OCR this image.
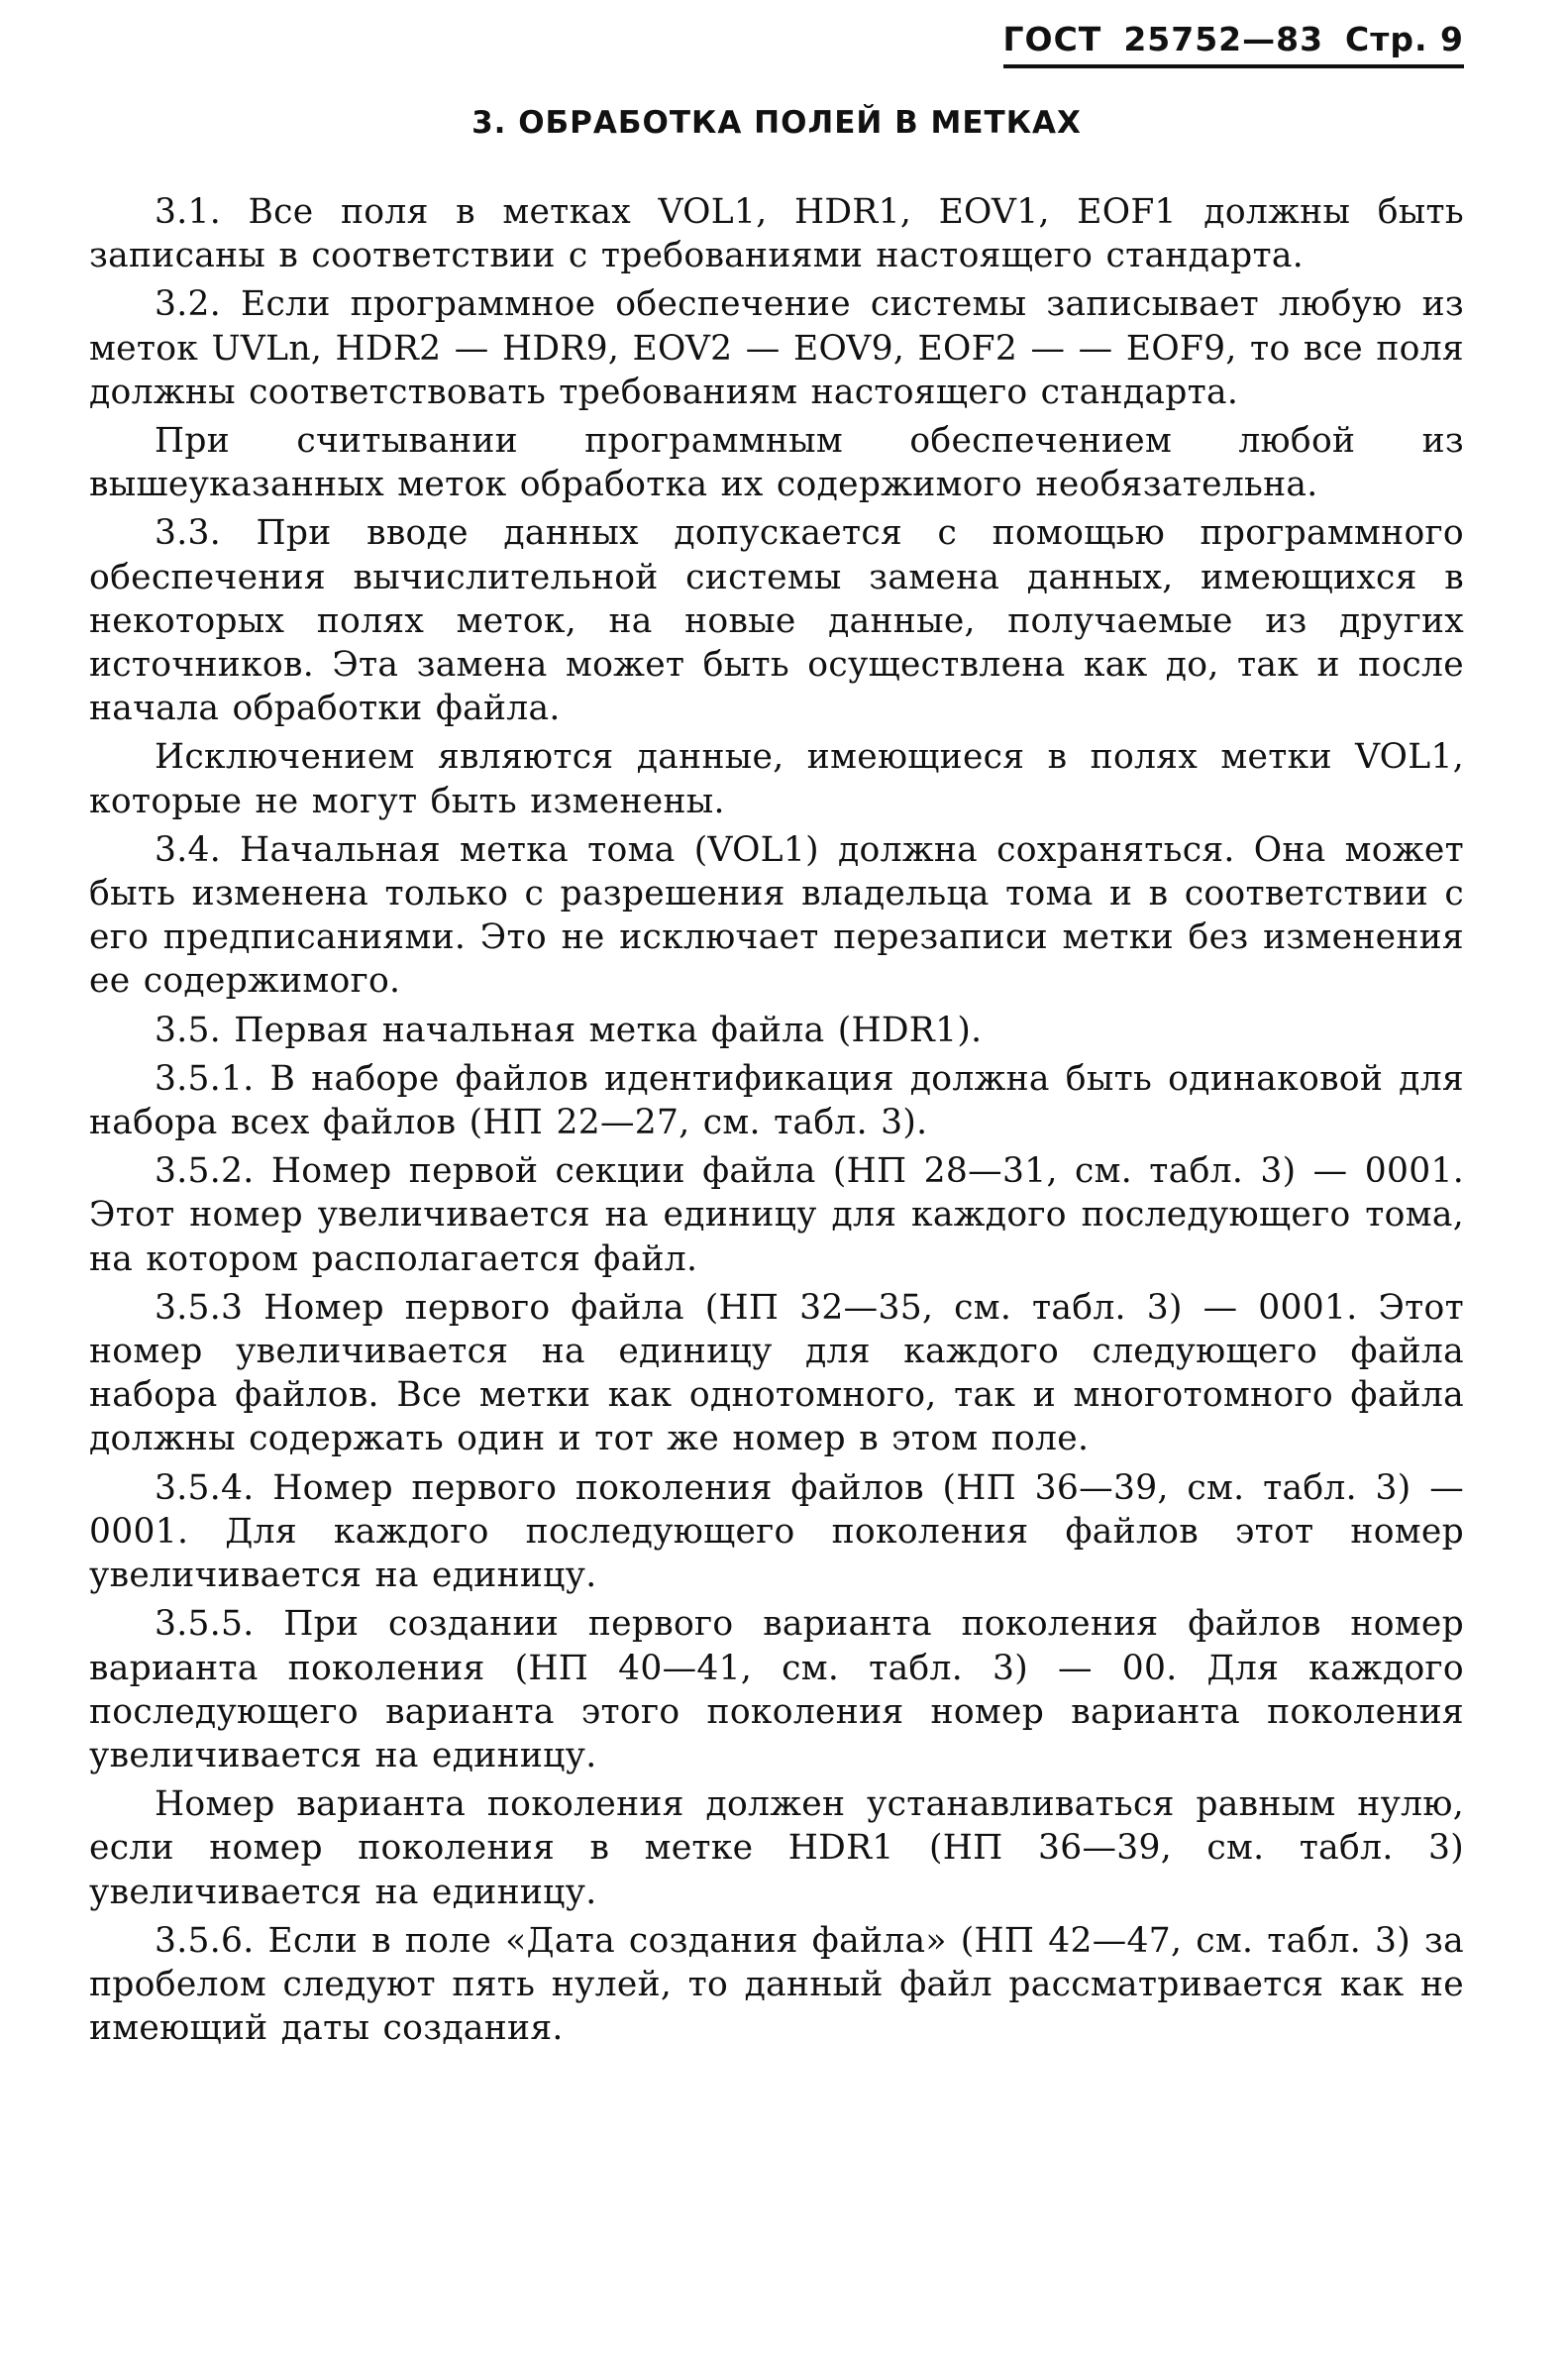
ГОСТ 25752—83 Стр. 9
3. ОБРАБОТКА ПОЛЕЙ В МЕТКАХ

3.1. Все поля в метках VOL1, HDR1, EOV1, EOF1 должны быть записаны в соответствии с требованиями настоящего стандарта.

3.2. Если программное обеспечение системы записывает любую из меток UVLn, HDR2 — HDR9, EOV2 — EOV9, EOF2 — — EOF9, то все поля должны соответствовать требованиям настоящего стандарта.

При считывании программным обеспечением любой из вышеуказанных меток обработка их содержимого необязательна.

3.3. При вводе данных допускается с помощью программного обеспечения вычислительной системы замена данных, имеющихся в некоторых полях меток, на новые данные, получаемые из других источников. Эта замена может быть осуществлена как до, так и после начала обработки файла.

Исключением являются данные, имеющиеся в полях метки VOL1, которые не могут быть изменены.

3.4. Начальная метка тома (VOL1) должна сохраняться. Она может быть изменена только с разрешения владельца тома и в соответствии с его предписаниями. Это не исключает перезаписи метки без изменения ее содержимого.

3.5. Первая начальная метка файла (HDR1).

3.5.1. В наборе файлов идентификация должна быть одинаковой для набора всех файлов (НП 22—27, см. табл. 3).

3.5.2. Номер первой секции файла (НП 28—31, см. табл. 3) — 0001. Этот номер увеличивается на единицу для каждого последующего тома, на котором располагается файл.

3.5.3 Номер первого файла (НП 32—35, см. табл. 3) — 0001. Этот номер увеличивается на единицу для каждого следующего файла набора файлов. Все метки как однотомного, так и многотомного файла должны содержать один и тот же номер в этом поле.

3.5.4. Номер первого поколения файлов (НП 36—39, см. табл. 3) — 0001. Для каждого последующего поколения файлов этот номер увеличивается на единицу.

3.5.5. При создании первого варианта поколения файлов номер варианта поколения (НП 40—41, см. табл. 3) — 00. Для каждого последующего варианта этого поколения номер варианта поколения увеличивается на единицу.

Номер варианта поколения должен устанавливаться равным нулю, если номер поколения в метке HDR1 (НП 36—39, см. табл. 3) увеличивается на единицу.

3.5.6. Если в поле «Дата создания файла» (НП 42—47, см. табл. 3) за пробелом следуют пять нулей, то данный файл рассматривается как не имеющий даты создания.
